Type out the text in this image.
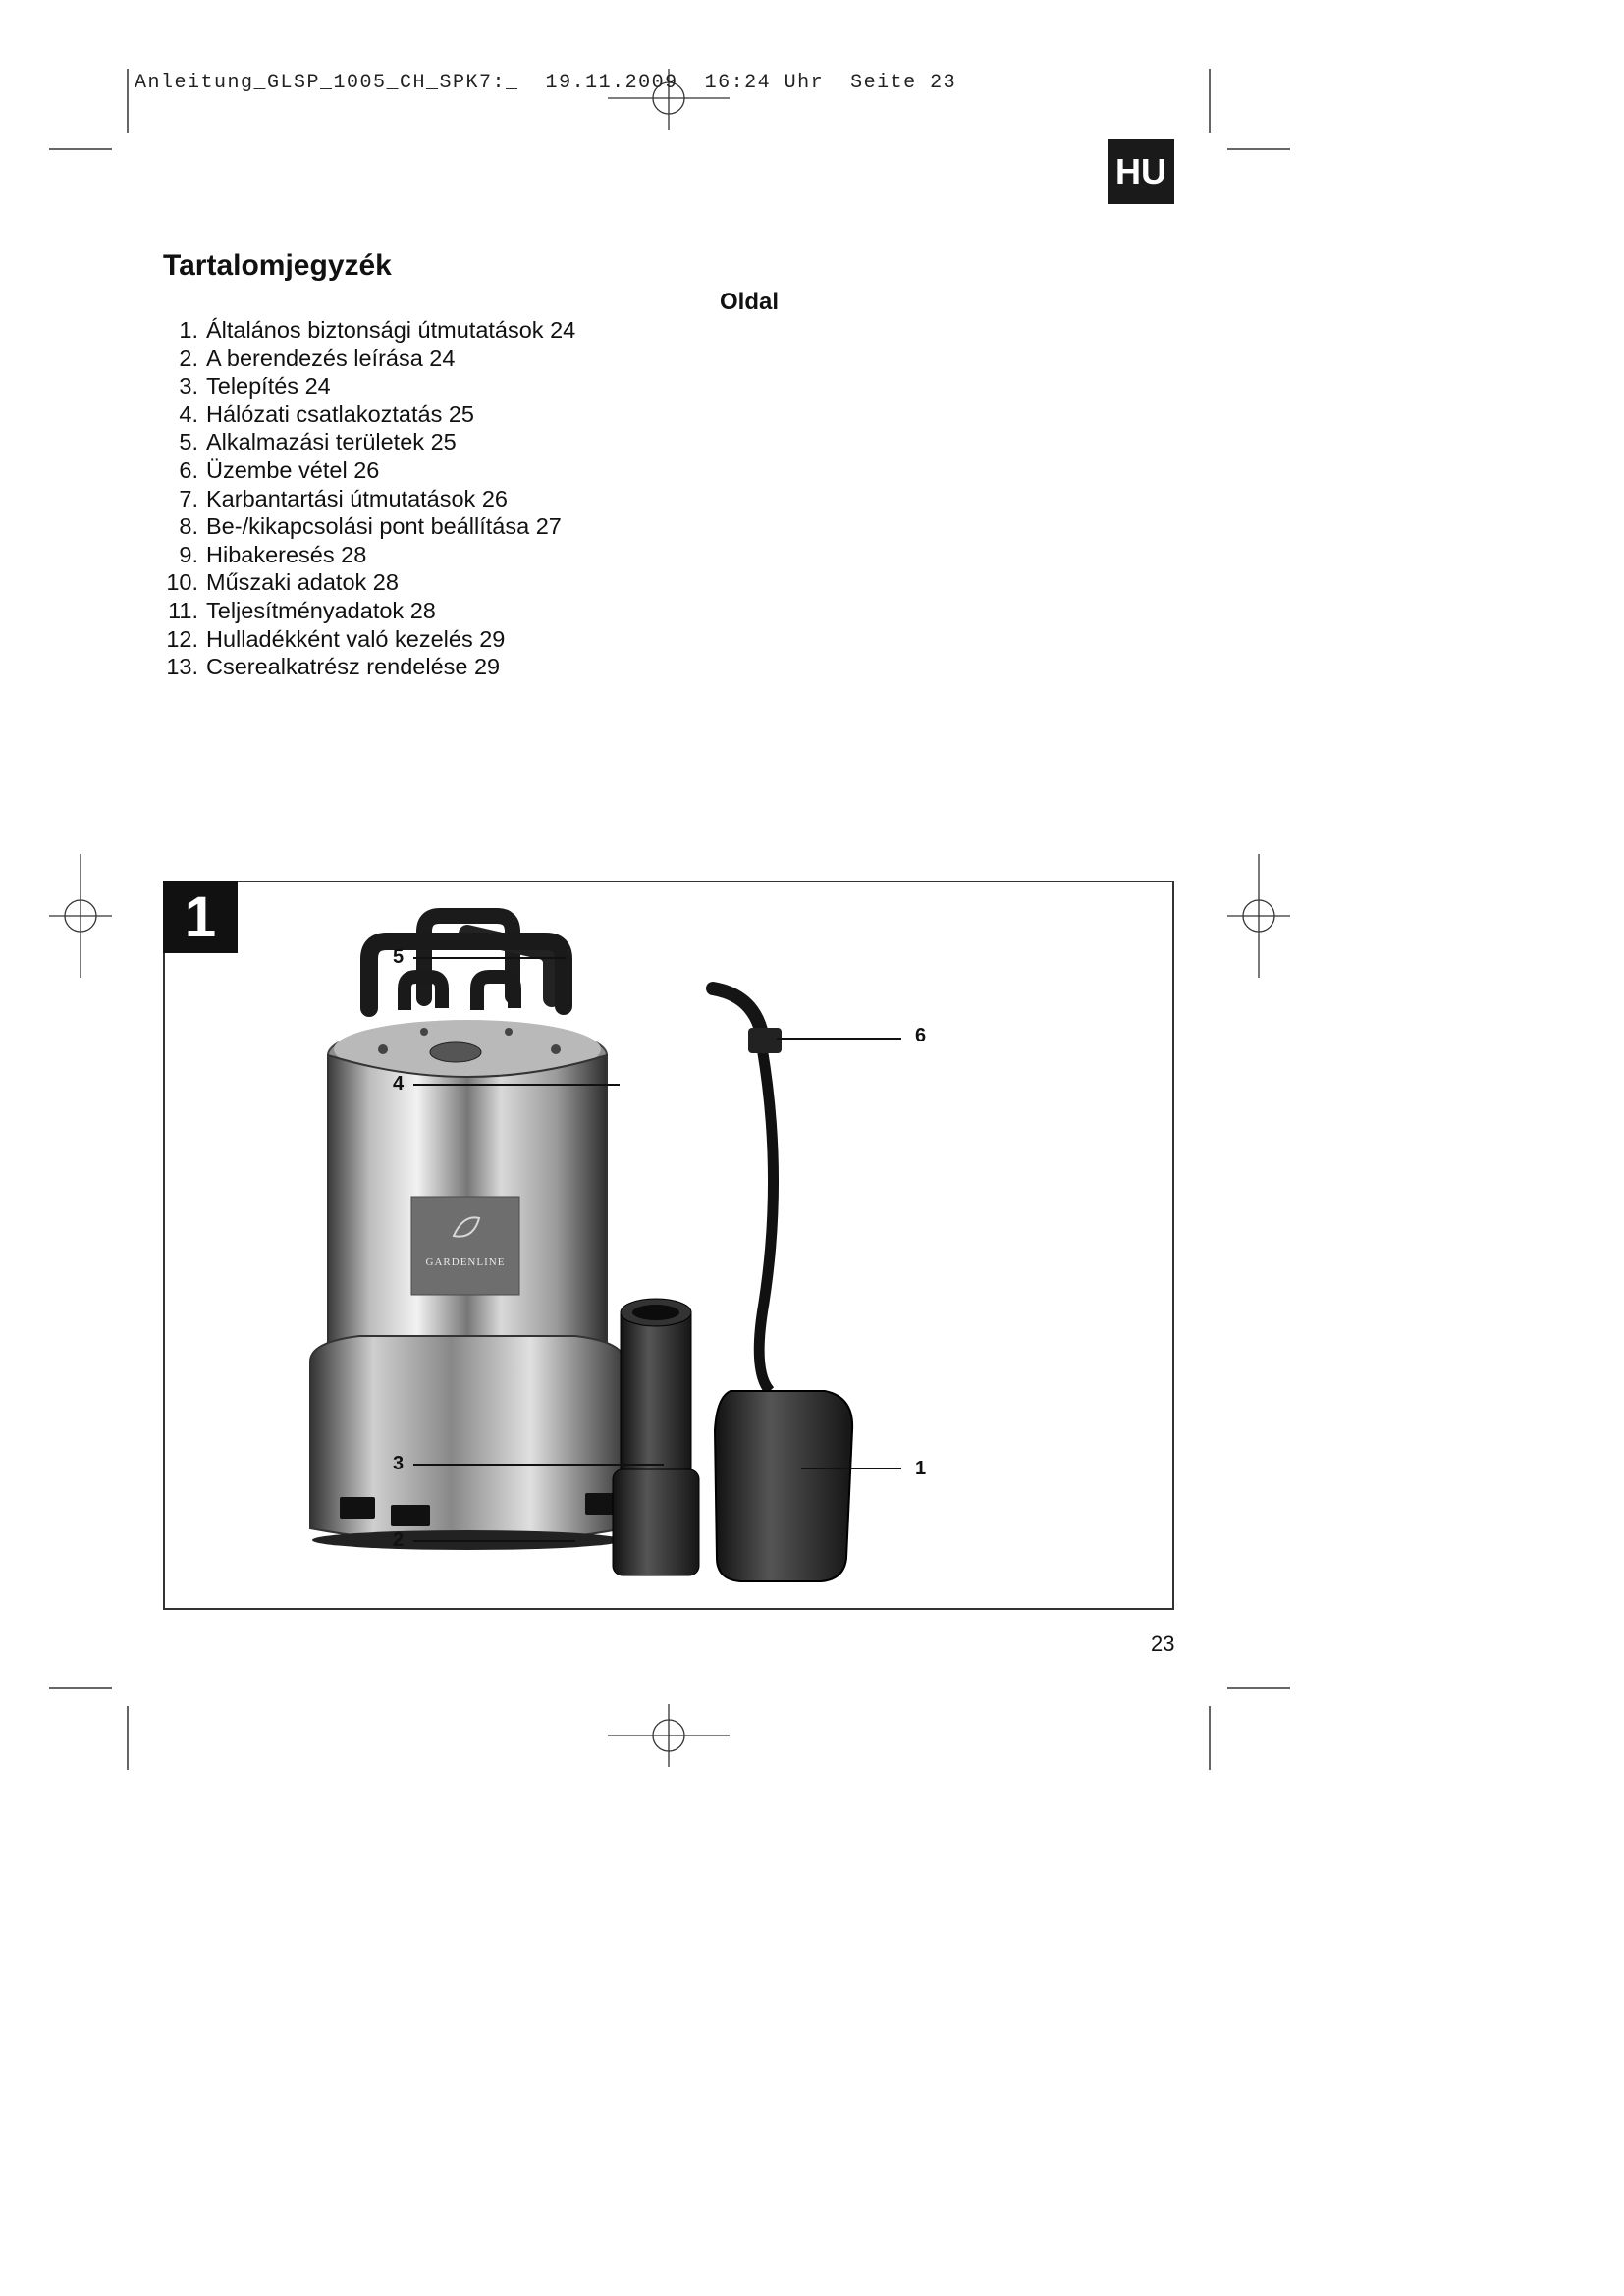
Anleitung_GLSP_1005_CH_SPK7:_  19.11.2009  16:24 Uhr  Seite 23
HU
Tartalomjegyzék
Oldal
1. Általános biztonsági útmutatások 24
2. A berendezés leírása 24
3. Telepítés 24
4. Hálózati csatlakoztatás 25
5. Alkalmazási területek 25
6. Üzembe vétel 26
7. Karbantartási útmutatások 26
8. Be-/kikapcsolási pont beállítása 27
9. Hibakeresés 28
10. Műszaki adatok 28
11. Teljesítményadatok 28
12. Hulladékként való kezelés 29
13. Cserealkatrész rendelése 29
1
GARDENLINE
5
4
3
2
6
1
23
